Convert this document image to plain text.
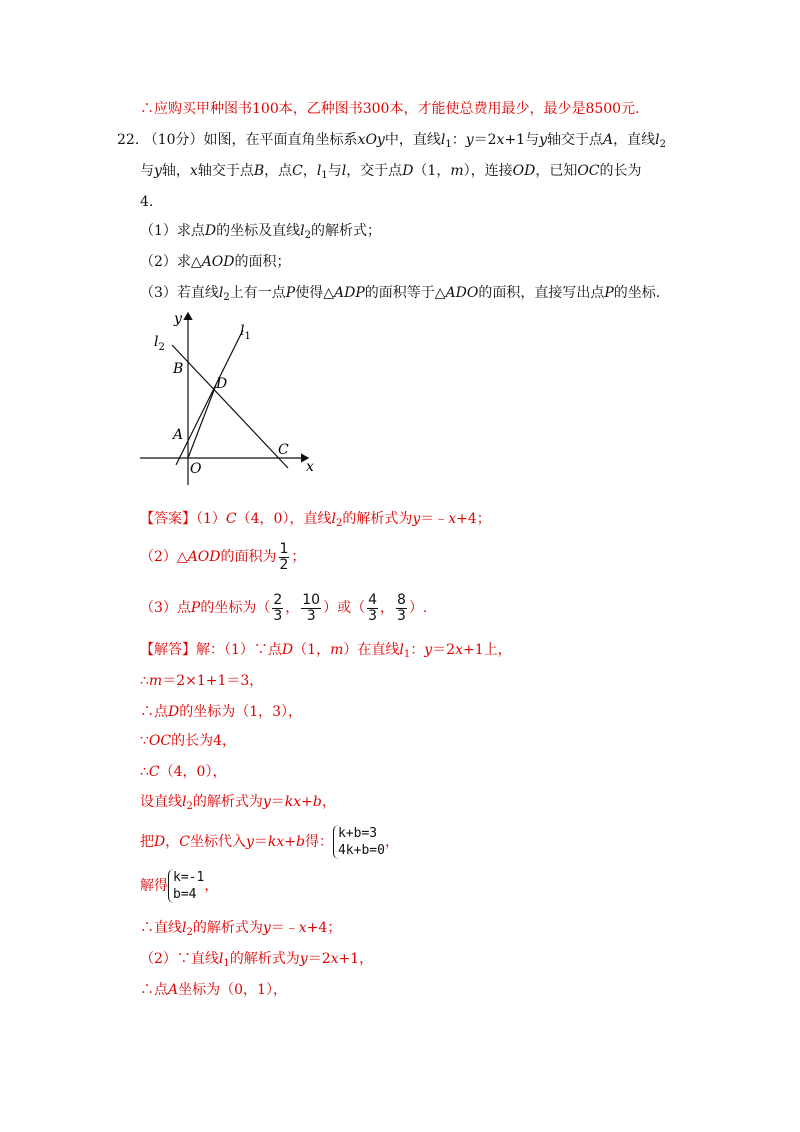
∴应购买甲种图书100本，乙种图书300本，才能使总费用最少，最少是8500元.
22. （10分）如图，在平面直角坐标系xOy中，直线$l_1$：y＝2x+1与y轴交于点A，直线$l_2$
与y轴，x轴交于点B，点C，$l_1$与l，交于点D（1，m），连接OD，已知OC的长为
4.
（1）求点D的坐标及直线$l_2$的解析式；
（2）求△AOD的面积；
（3）若直线$l_2$上有一点P使得△ADP的面积等于△ADO的面积，直接写出点P的坐标.
y
x
$l_1$
$l_2$
B
D
A
C
O
【答案】（1）C（4，0），直线$l_2$的解析式为y＝﹣x+4；
（2）△AOD的面积为 $\frac{1}{2}$ ；
（3）点P的坐标为（ $\frac{2}{3}$ ， $\frac{10}{3}$ ）或（ $\frac{4}{3}$ ， $\frac{8}{3}$ ）.
【解答】解：（1）∵点D（1，m）在直线$l_1$：y＝2x+1上，
∴m＝2×1+1＝3，
∴点D的坐标为（1，3），
∵OC的长为4，
∴C（4，0），
设直线$l_2$的解析式为y＝kx+b，
把D，C坐标代入y＝kx+b得：
k+b=3
4k+b=0
，
解得
k=-1
b=4
，
∴直线$l_2$的解析式为y＝﹣x+4；
（2）∵直线$l_1$的解析式为y＝2x+1，
∴点A坐标为（0，1），
